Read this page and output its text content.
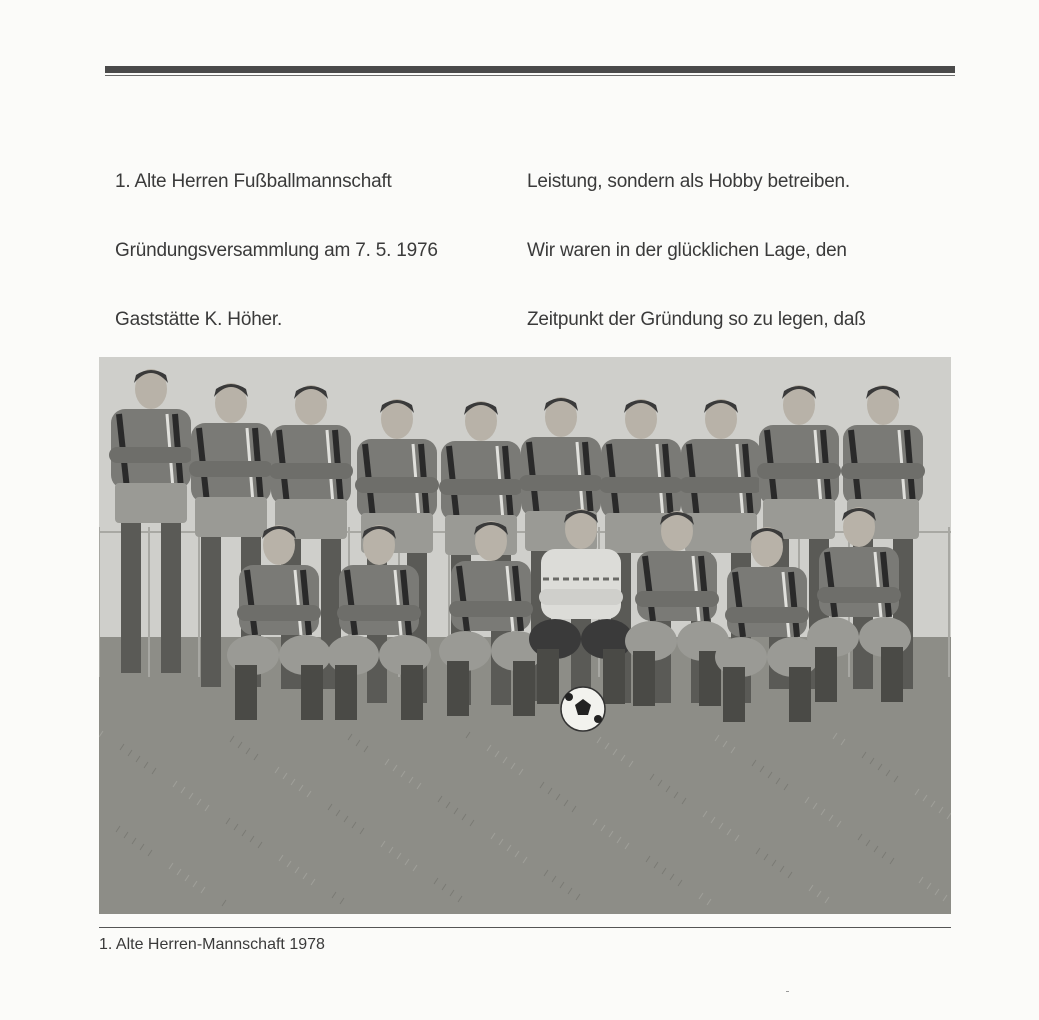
1. Alte Herren Fußballmannschaft

Gründungsversammlung am 7. 5. 1976

Gaststätte K. Höher.

Leistung, sondern als Hobby betreiben.

Wir waren in der glücklichen Lage, den

Zeitpunkt der Gründung so zu legen, daß

1. Alte Herren-Mannschaft 1978
